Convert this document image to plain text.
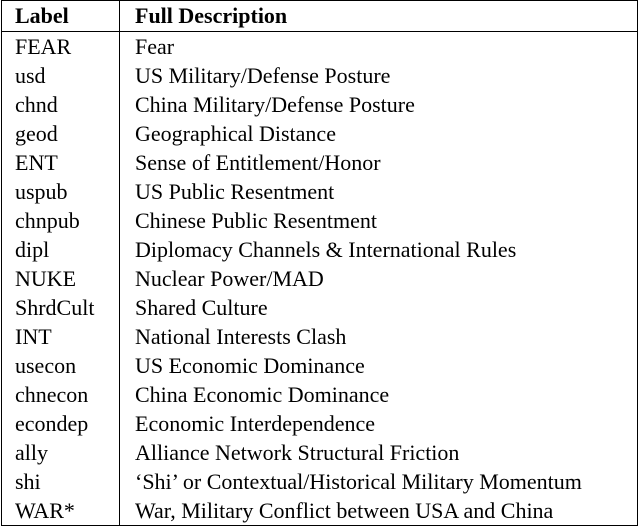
Label	Full Description
FEAR	Fear
usd	US Military/Defense Posture
chnd	China Military/Defense Posture
geod	Geographical Distance
ENT	Sense of Entitlement/Honor
uspub	US Public Resentment
chnpub	Chinese Public Resentment
dipl	Diplomacy Channels & International Rules
NUKE	Nuclear Power/MAD
ShrdCult	Shared Culture
INT	National Interests Clash
usecon	US Economic Dominance
chnecon	China Economic Dominance
econdep	Economic Interdependence
ally	Alliance Network Structural Friction
shi	‘Shi’ or Contextual/Historical Military Momentum
WAR*	War, Military Conflict between USA and China
